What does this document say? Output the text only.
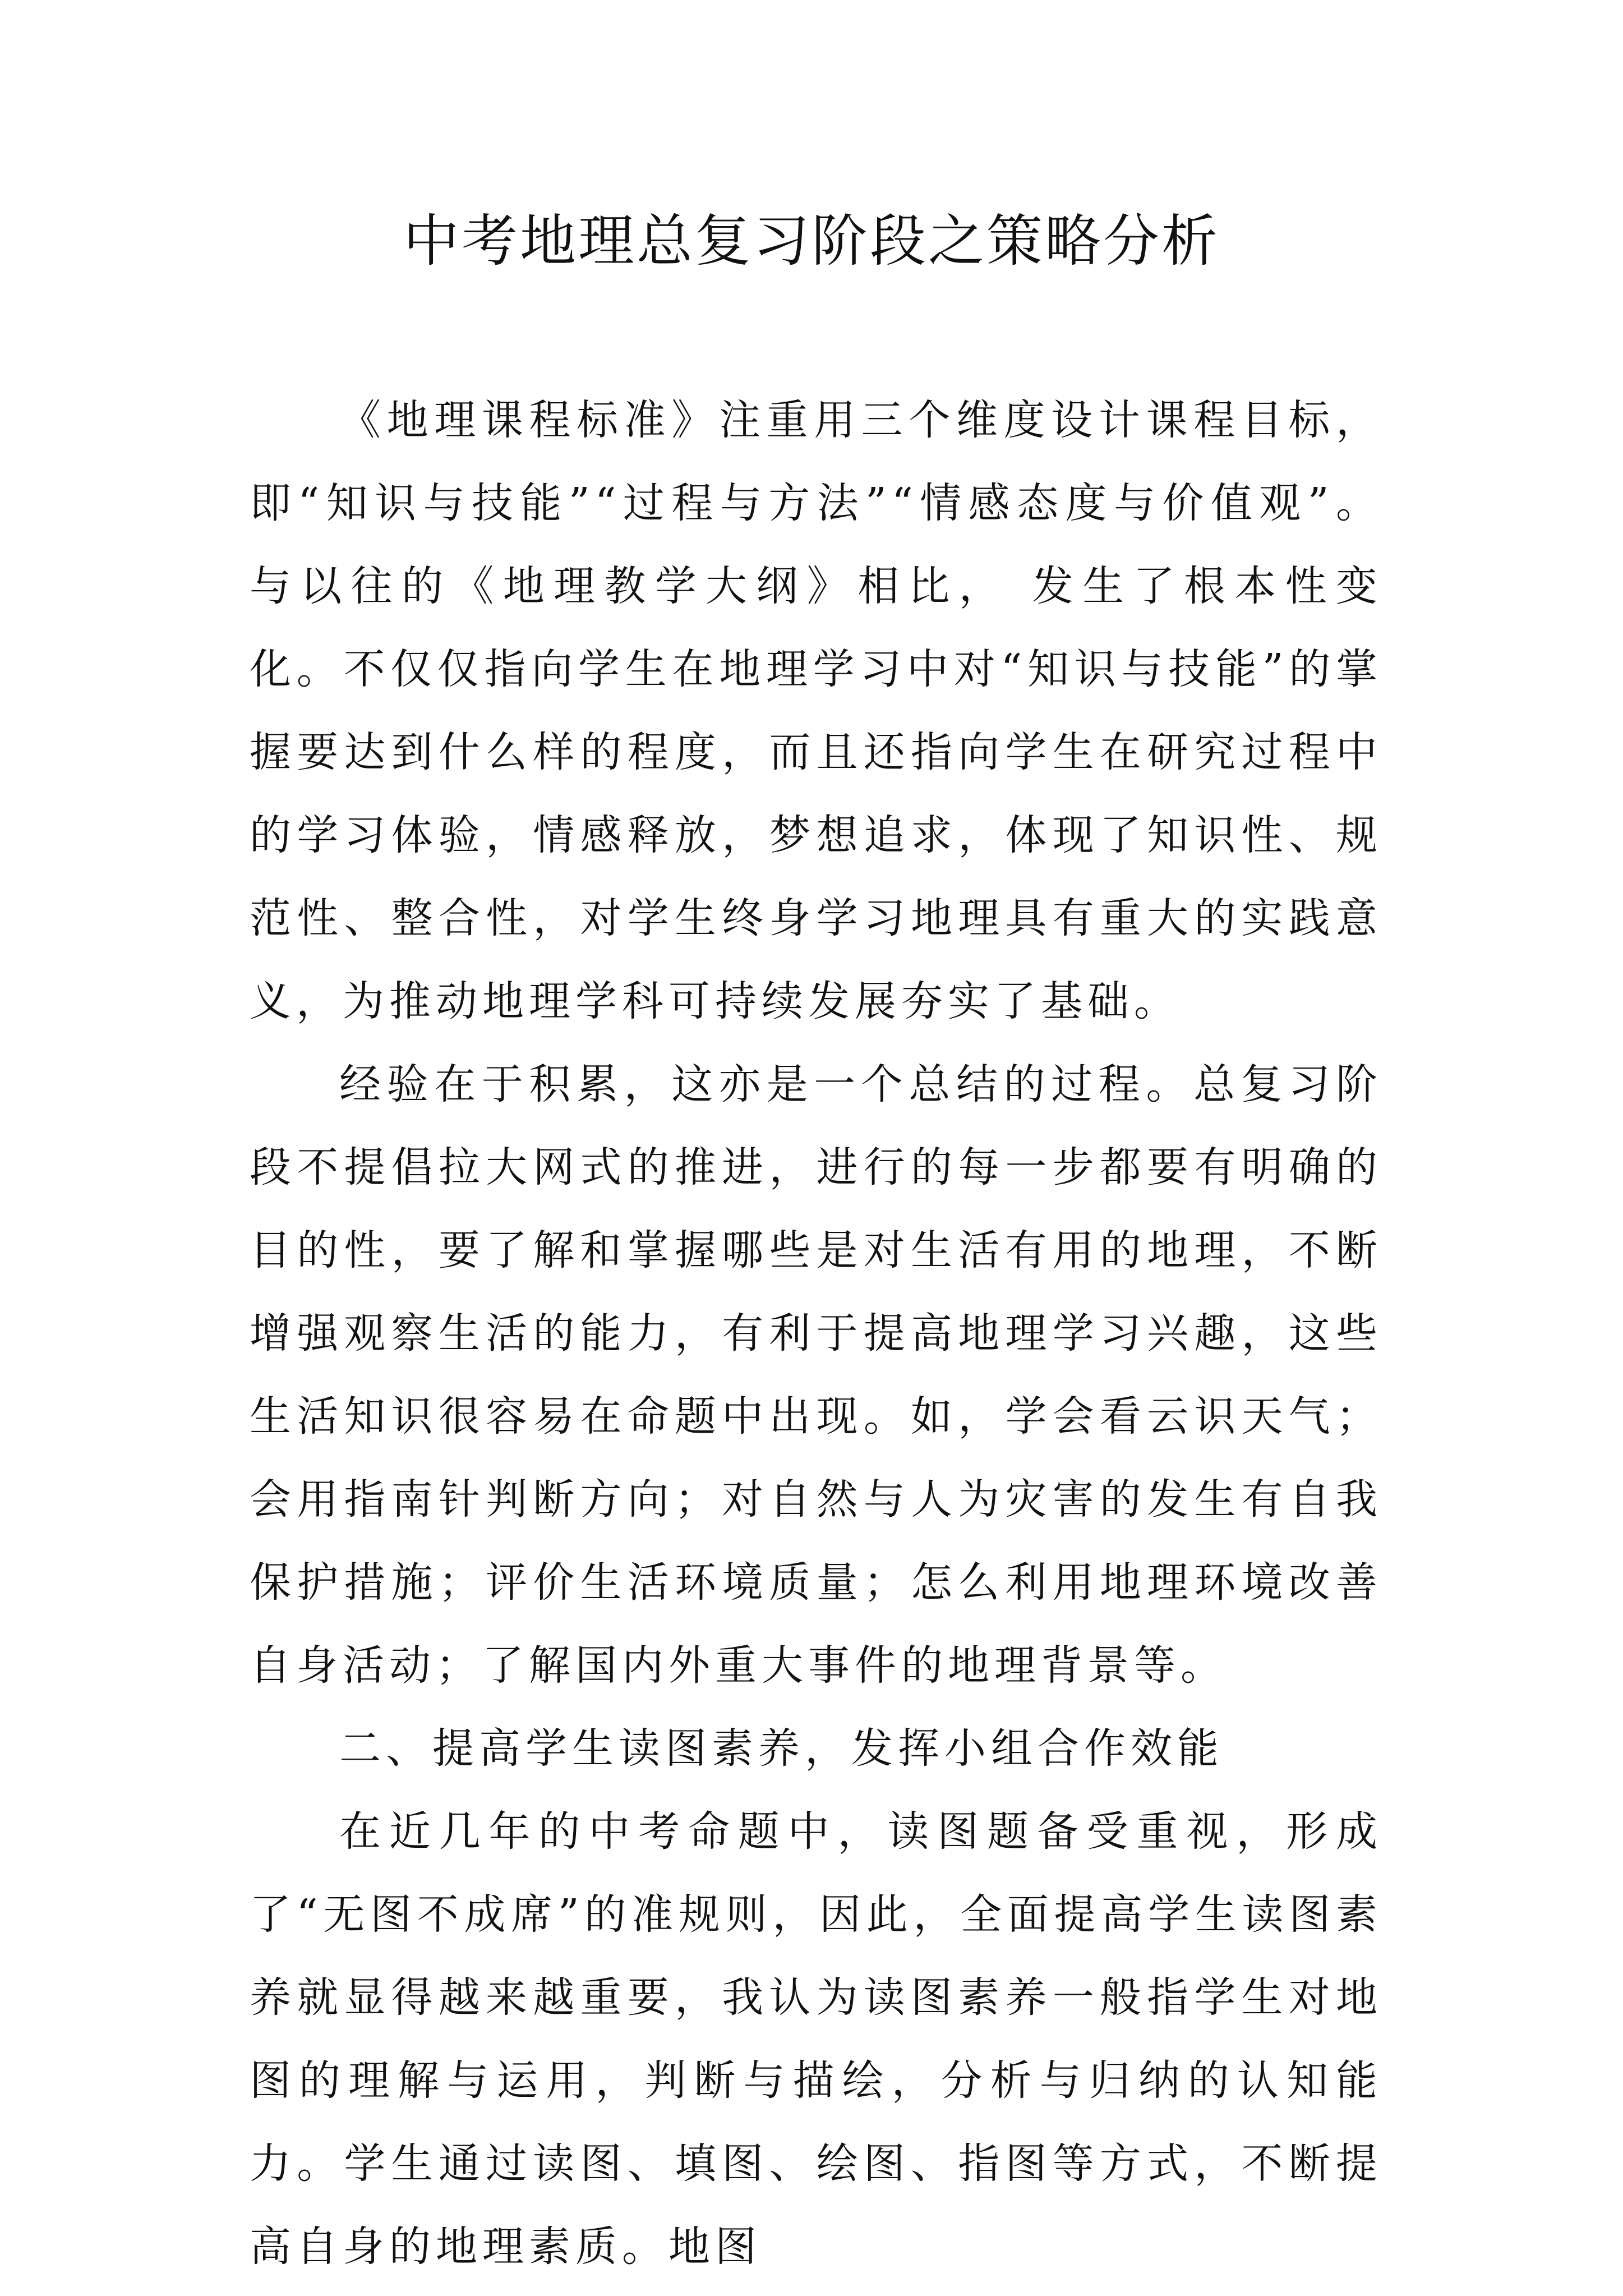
中考地理总复习阶段之策略分析

《地理课程标准》注重用三个维度设计课程目标，即“知识与技能”“过程与方法”“情感态度与价值观”。与以往的《地理教学大纲》相比， 发生了根本性变化。不仅仅指向学生在地理学习中对“知识与技能”的掌握要达到什么样的程度，而且还指向学生在研究过程中的学习体验，情感释放，梦想追求，体现了知识性、规范性、整合性，对学生终身学习地理具有重大的实践意义，为推动地理学科可持续发展夯实了基础。

经验在于积累，这亦是一个总结的过程。总复习阶段不提倡拉大网式的推进，进行的每一步都要有明确的目的性，要了解和掌握哪些是对生活有用的地理，不断增强观察生活的能力，有利于提高地理学习兴趣，这些生活知识很容易在命题中出现。如，学会看云识天气；会用指南针判断方向；对自然与人为灾害的发生有自我保护措施；评价生活环境质量；怎么利用地理环境改善自身活动；了解国内外重大事件的地理背景等。

二、提高学生读图素养，发挥小组合作效能

在近几年的中考命题中，读图题备受重视，形成了“无图不成席”的准规则，因此，全面提高学生读图素养就显得越来越重要，我认为读图素养一般指学生对地图的理解与运用，判断与描绘，分析与归纳的认知能力。学生通过读图、填图、绘图、指图等方式，不断提高自身的地理素质。地图
